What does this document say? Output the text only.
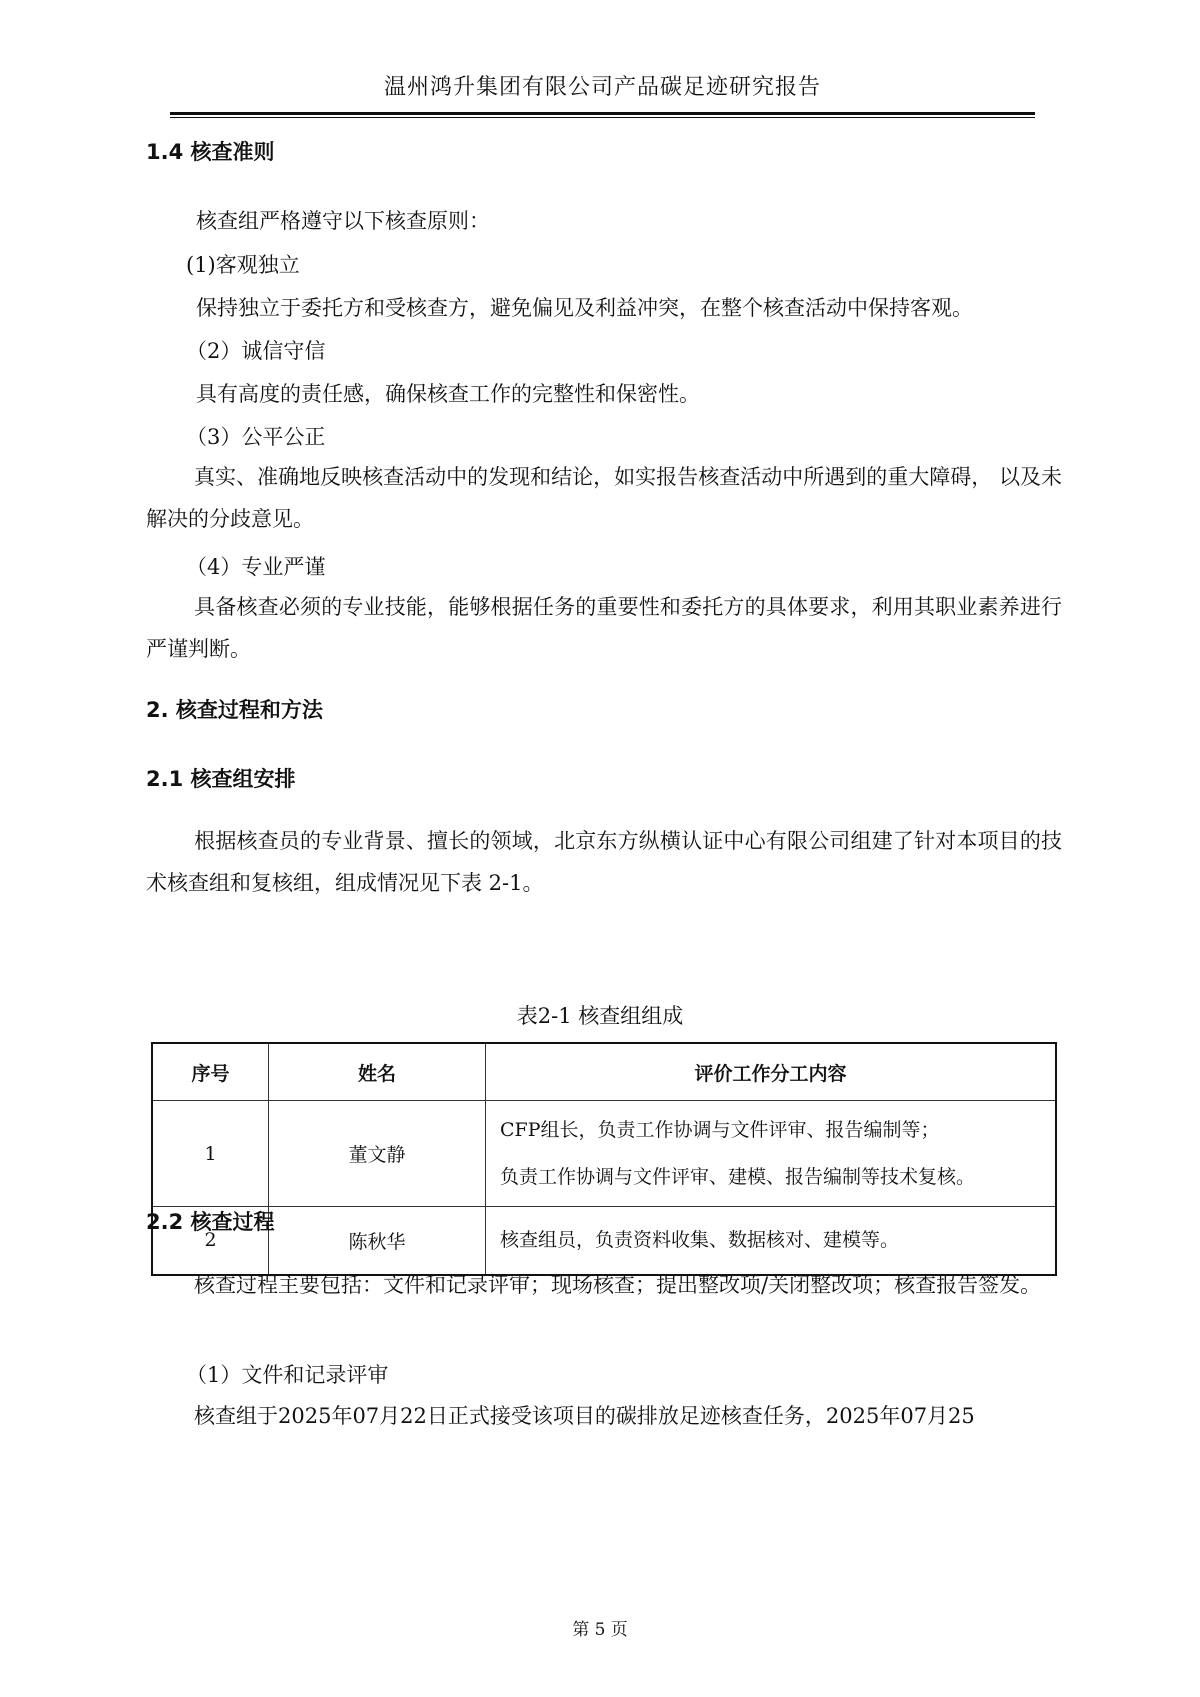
温州鸿升集团有限公司产品碳足迹研究报告
1.4 核查准则
核查组严格遵守以下核查原则：
(1)客观独立
保持独立于委托方和受核查方，避免偏见及利益冲突，在整个核查活动中保持客观。
（2）诚信守信
具有高度的责任感，确保核查工作的完整性和保密性。
（3）公平公正
真实、准确地反映核查活动中的发现和结论，如实报告核查活动中所遇到的重大障碍， 以及未解决的分歧意见。
（4）专业严谨
具备核查必须的专业技能，能够根据任务的重要性和委托方的具体要求，利用其职业素养进行严谨判断。
2. 核查过程和方法
2.1 核查组安排
根据核查员的专业背景、擅长的领域，北京东方纵横认证中心有限公司组建了针对本项目的技术核查组和复核组，组成情况见下表 2-1。
表2-1 核查组组成
序号	姓名	评价工作分工内容
1	董文静	CFP组长，负责工作协调与文件评审、报告编制等；
负责工作协调与文件评审、建模、报告编制等技术复核。

2	陈秋华	核查组员，负责资料收集、数据核对、建模等。
2.2 核查过程
核查过程主要包括：文件和记录评审；现场核查；提出整改项/关闭整改项；核查报告签发。
（1）文件和记录评审
核查组于2025年07月22日正式接受该项目的碳排放足迹核查任务，2025年07月25
第 5 页
